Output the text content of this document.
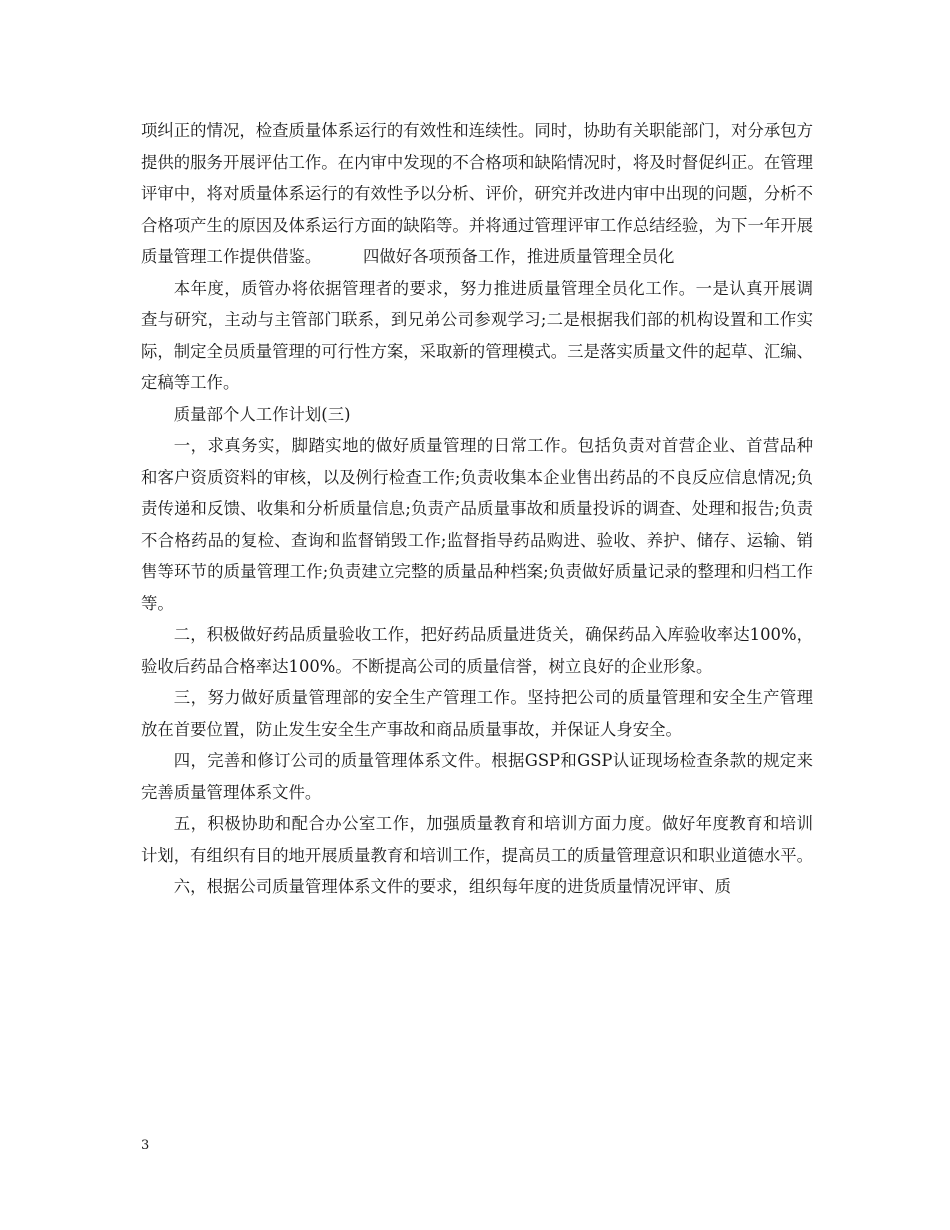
项纠正的情况，检查质量体系运行的有效性和连续性。同时，协助有关职能部门，对分承包方提供的服务开展评估工作。在内审中发现的不合格项和缺陷情况时，将及时督促纠正。在管理评审中，将对质量体系运行的有效性予以分析、评价，研究并改进内审中出现的问题，分析不合格项产生的原因及体系运行方面的缺陷等。并将通过管理评审工作总结经验，为下一年开展质量管理工作提供借鉴。        四做好各项预备工作，推进质量管理全员化

本年度，质管办将依据管理者的要求，努力推进质量管理全员化工作。一是认真开展调查与研究，主动与主管部门联系，到兄弟公司参观学习;二是根据我们部的机构设置和工作实际，制定全员质量管理的可行性方案，采取新的管理模式。三是落实质量文件的起草、汇编、定稿等工作。

质量部个人工作计划(三)

一，求真务实，脚踏实地的做好质量管理的日常工作。包括负责对首营企业、首营品种和客户资质资料的审核，以及例行检查工作;负责收集本企业售出药品的不良反应信息情况;负责传递和反馈、收集和分析质量信息;负责产品质量事故和质量投诉的调查、处理和报告;负责不合格药品的复检、查询和监督销毁工作;监督指导药品购进、验收、养护、储存、运输、销售等环节的质量管理工作;负责建立完整的质量品种档案;负责做好质量记录的整理和归档工作等。

二，积极做好药品质量验收工作，把好药品质量进货关，确保药品入库验收率达100%，验收后药品合格率达100%。不断提高公司的质量信誉，树立良好的企业形象。

三，努力做好质量管理部的安全生产管理工作。坚持把公司的质量管理和安全生产管理放在首要位置，防止发生安全生产事故和商品质量事故，并保证人身安全。

四，完善和修订公司的质量管理体系文件。根据GSP和GSP认证现场检查条款的规定来完善质量管理体系文件。

五，积极协助和配合办公室工作，加强质量教育和培训方面力度。做好年度教育和培训计划，有组织有目的地开展质量教育和培训工作，提高员工的质量管理意识和职业道德水平。

六，根据公司质量管理体系文件的要求，组织每年度的进货质量情况评审、质

3
